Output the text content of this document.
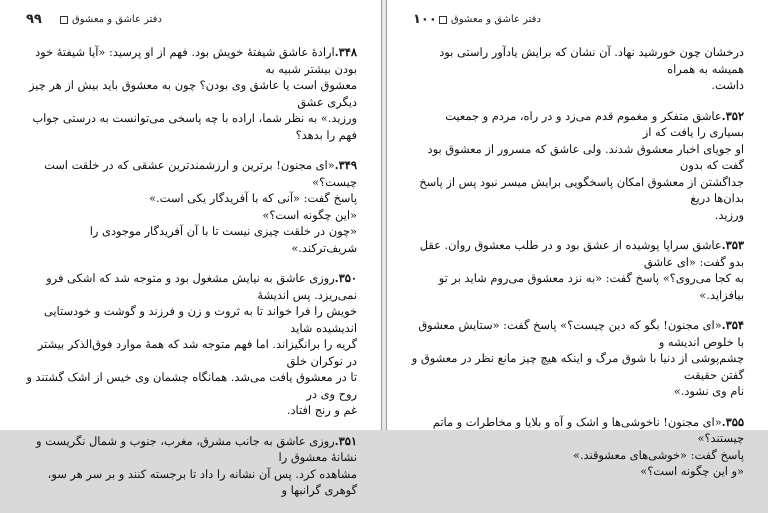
۹۹	دفتر عاشق و معشوق

۳۴۸.ارادهٔ عاشق شیفتهٔ خویش بود. فهم از او پرسید: «آیا شیفتهٔ خود بودن بیشتر شبیه به

معشوق است یا عاشق وی بودن؟ چون به معشوق باید بیش از هر چیز دیگری عشق

ورزید.» به نظر شما، اراده با چه پاسخی می‌توانست به درستی جواب فهم را بدهد؟

۳۴۹.«ای مجنون! برترین و ارزشمندترین عشقی که در خلقت است چیست؟»

پاسخ گفت: «آنی که با آفریدگار یکی است.»

«این چگونه است؟»

«چون در خلقت چیزی نیست تا با آن آفریدگار موجودی را شریف‌ترکند.»

۳۵۰.روزی عاشق به نیایش مشغول بود و متوجه شد که اشکی فرو نمی‌ریزد. پس اندیشهٔ

خویش را فرا خواند تا به ثروت و زن و فرزند و گوشت و خودستایی اندیشیده شاید

گریه را برانگیزاند. اما فهم متوجه شد که همهٔ موارد فوق‌الذکر بیشتر در نوکران خلق

تا در معشوق یافت می‌شد. همانگاه چشمان وی خیس از اشک گشتند و روح وی در

غم و رنج افتاد.

۳۵۱.روزی عاشق به جانب مشرق، مغرب، جنوب و شمال نگریست و نشانهٔ معشوق را

مشاهده کرد. پس آن نشانه را داد تا برجسته کنند و بر سر هر سو، گوهری گرانبها و

۱۰۰	دفتر عاشق و معشوق

درخشان چون خورشید نهاد. آن نشان که برایش یادآور راستی بود همیشه به همراه

داشت.

۳۵۲.عاشق متفکر و مغموم قدم می‌زد و در راه، مردم و جمعیت بسیاری را یافت که از

او جویای اخبار معشوق شدند. ولی عاشق که مسرور از معشوق بود گفت که بدون

جداگشتن از معشوق امکان پاسخگویی برایش میسر نبود پس از پاسخ بدان‌ها دریغ

ورزید.

۳۵۳.عاشق سراپا پوشیده از عشق بود و در طلب معشوق روان. عقل بدو گفت: «ای عاشق

به کجا می‌روی؟» پاسخ گفت: «به نزد معشوق می‌روم شاید بر تو بیافزاید.»

۳۵۴.«ای مجنون! بگو که دین چیست؟» پاسخ گفت: «ستایش معشوق با خلوص اندیشه و

چشم‌پوشی از دنیا با شوق مرگ و اینکه هیچ چیز مانع نظر در معشوق و گفتن حقیقت

نام وی نشود.»

۳۵۵.«ای مجنون! ناخوشی‌ها و اشک و آه و بلایا و مخاطرات و ماتم چیستند؟»

پاسخ گفت: «خوشی‌های معشوقند.»

«و این چگونه است؟»
